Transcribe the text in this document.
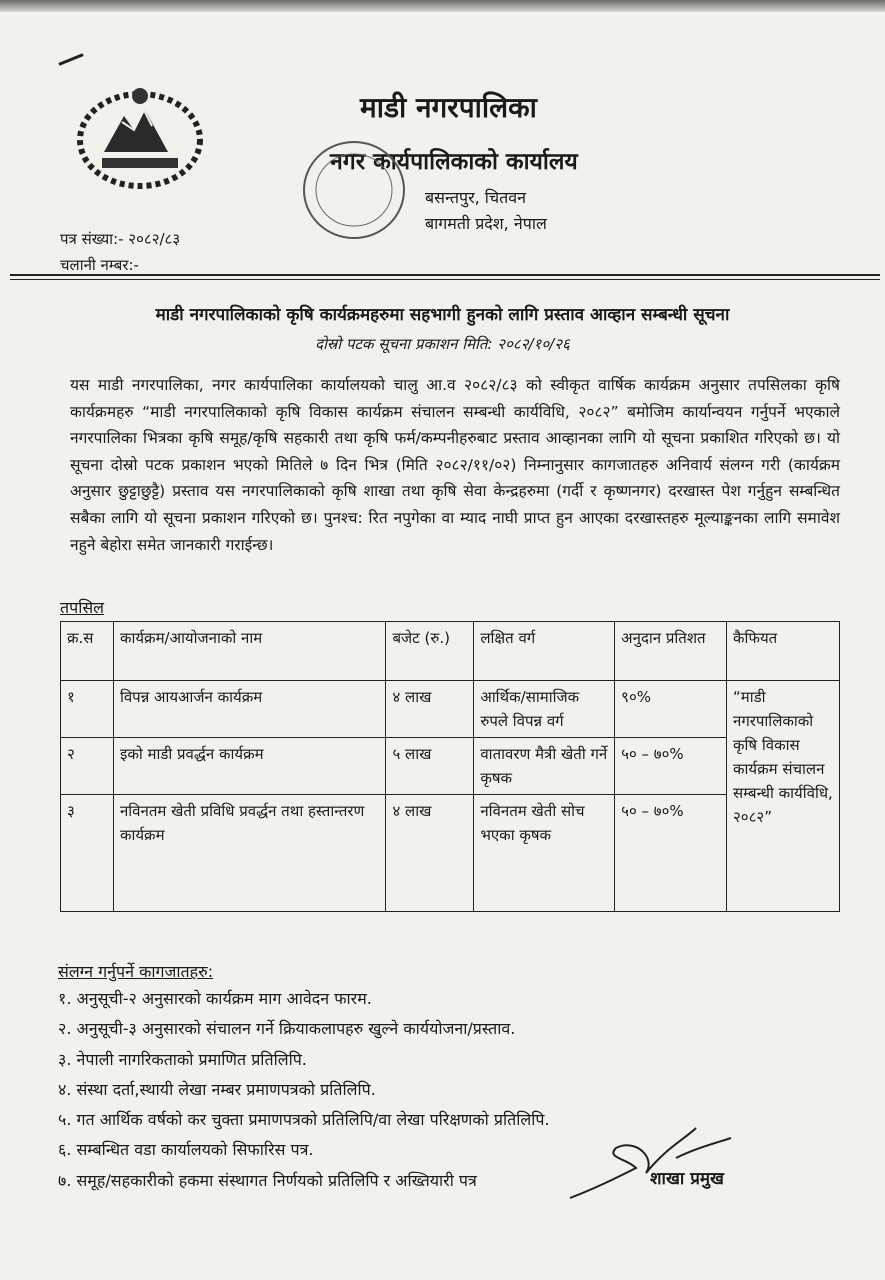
माडी नगरपालिका
नगर कार्यपालिकाको कार्यालय
बसन्तपुर, चितवन
बागमती प्रदेश, नेपाल
पत्र संख्या:- २०८२/८३
चलानी नम्बर:-
माडी नगरपालिकाको कृषि कार्यक्रमहरुमा सहभागी हुनको लागि प्रस्ताव आव्हान सम्बन्धी सूचना
दोस्रो पटक सूचना प्रकाशन मिति: २०८२/१०/२६
यस माडी नगरपालिका, नगर कार्यपालिका कार्यालयको चालु आ.व २०८२/८३ को स्वीकृत वार्षिक कार्यक्रम अनुसार तपसिलका कृषि कार्यक्रमहरु “माडी नगरपालिकाको कृषि विकास कार्यक्रम संचालन सम्बन्धी कार्यविधि, २०८२” बमोजिम कार्यान्वयन गर्नुपर्ने भएकाले नगरपालिका भित्रका कृषि समूह/कृषि सहकारी तथा कृषि फर्म/कम्पनीहरुबाट प्रस्ताव आव्हानका लागि यो सूचना प्रकाशित गरिएको छ। यो सूचना दोस्रो पटक प्रकाशन भएको मितिले ७ दिन भित्र (मिति २०८२/११/०२) निम्नानुसार कागजातहरु अनिवार्य संलग्न गरी (कार्यक्रम अनुसार छुट्टाछुट्टै) प्रस्ताव यस नगरपालिकाको कृषि शाखा तथा कृषि सेवा केन्द्रहरुमा (गर्दी र कृष्णनगर) दरखास्त पेश गर्नुहुन सम्बन्धित सबैका लागि यो सूचना प्रकाशन गरिएको छ। पुनश्च: रित नपुगेका वा म्याद नाघी प्राप्त हुन आएका दरखास्तहरु मूल्याङ्कनका लागि समावेश नहुने बेहोरा समेत जानकारी गराईन्छ।
तपसिल
क्र.स	कार्यक्रम/आयोजनाको नाम	बजेट (रु.)	लक्षित वर्ग	अनुदान प्रतिशत	कैफियत
१	विपन्न आयआर्जन कार्यक्रम	४ लाख	आर्थिक/सामाजिक रुपले विपन्न वर्ग	९०%	“माडी नगरपालिकाको कृषि विकास कार्यक्रम संचालन सम्बन्धी कार्यविधि, २०८२”
२	इको माडी प्रवर्द्धन कार्यक्रम	५ लाख	वातावरण मैत्री खेती गर्ने कृषक	५० – ७०%	
३	नविनतम खेती प्रविधि प्रवर्द्धन तथा हस्तान्तरण कार्यक्रम	४ लाख	नविनतम खेती सोच भएका कृषक	५० – ७०%	
संलग्न गर्नुपर्ने कागजातहरु:
१. अनुसूची-२ अनुसारको कार्यक्रम माग आवेदन फारम.
२. अनुसूची-३ अनुसारको संचालन गर्ने क्रियाकलापहरु खुल्ने कार्ययोजना/प्रस्ताव.
३. नेपाली नागरिकताको प्रमाणित प्रतिलिपि.
४. संस्था दर्ता,स्थायी लेखा नम्बर प्रमाणपत्रको प्रतिलिपि.
५. गत आर्थिक वर्षको कर चुक्ता प्रमाणपत्रको प्रतिलिपि/वा लेखा परिक्षणको प्रतिलिपि.
६. सम्बन्धित वडा कार्यालयको सिफारिस पत्र.
७. समूह/सहकारीको हकमा संस्थागत निर्णयको प्रतिलिपि र अख्तियारी पत्र	शाखा प्रमुख
